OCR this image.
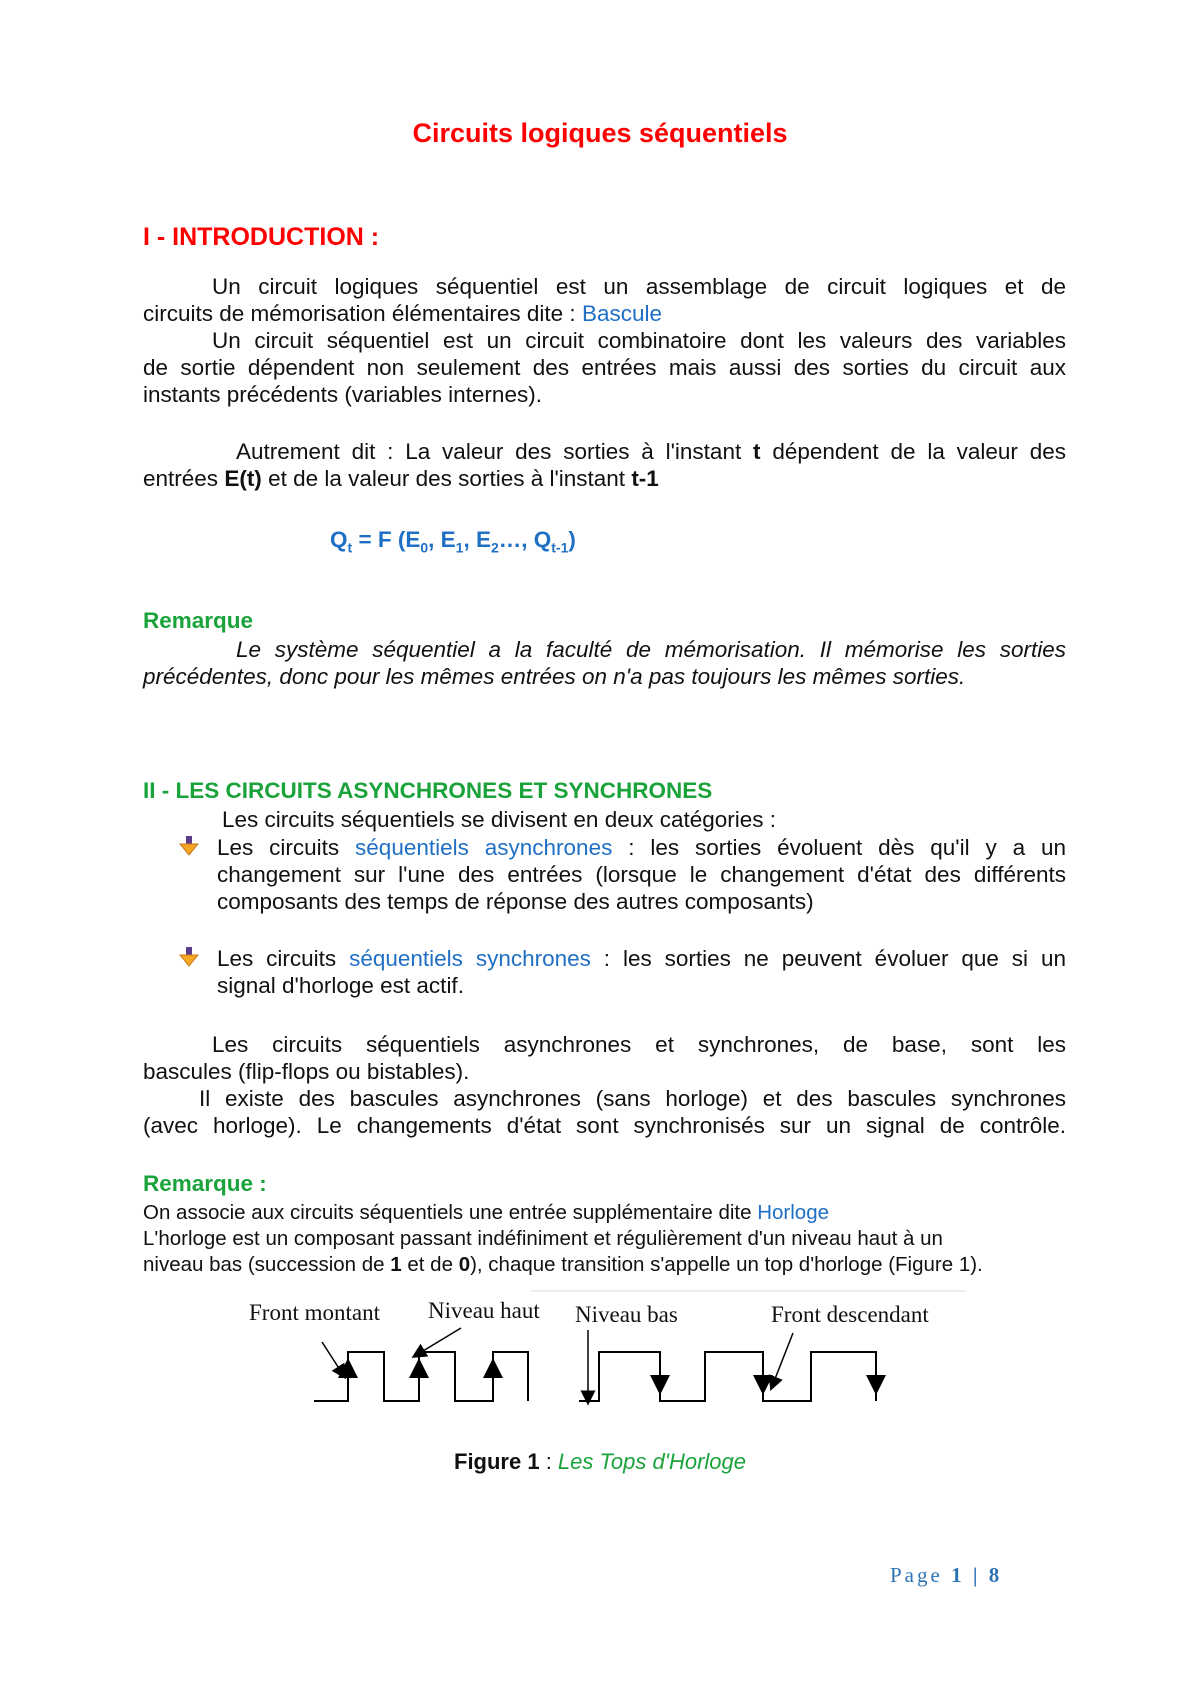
Circuits logiques séquentiels
I - INTRODUCTION :
Un circuit logiques séquentiel est un assemblage de circuit logiques et de
circuits de mémorisation élémentaires dite : Bascule
Un circuit séquentiel est un circuit combinatoire dont les valeurs des variables
de sortie dépendent non seulement des entrées mais aussi des sorties du circuit aux
instants précédents (variables internes).
Autrement dit : La valeur des sorties à l'instant t dépendent de la valeur des
entrées E(t) et de la valeur des sorties à l'instant t-1
$Q_t = F$ ($E_0$, $E_1$, $E_2\dots$, $Q_{t-1}$)
Remarque
Le système séquentiel a la faculté de mémorisation. Il mémorise les sorties
précédentes, donc pour les mêmes entrées on n'a pas toujours les mêmes sorties.
II - LES CIRCUITS ASYNCHRONES ET SYNCHRONES
Les circuits séquentiels se divisent en deux catégories :
Les circuits séquentiels asynchrones : les sorties évoluent dès qu'il y a un
changement sur l'une des entrées (lorsque le changement d'état des différents
composants des temps de réponse des autres composants)
Les circuits séquentiels synchrones : les sorties ne peuvent évoluer que si un
signal d'horloge est actif.
Les circuits séquentiels asynchrones et synchrones, de base, sont les
bascules (flip-flops ou bistables).
Il existe des bascules asynchrones (sans horloge) et des bascules synchrones
(avec horloge). Le changements d'état sont synchronisés sur un signal de contrôle.
Remarque :
On associe aux circuits séquentiels une entrée supplémentaire dite Horloge
L'horloge est un composant passant indéfiniment et régulièrement d'un niveau haut à un
niveau bas (succession de 1 et de 0), chaque transition s'appelle un top d'horloge (Figure 1).
Front montant Niveau haut Niveau bas	Front descendant
Figure 1 : Les Tops d'Horloge
Page 1 | 8
